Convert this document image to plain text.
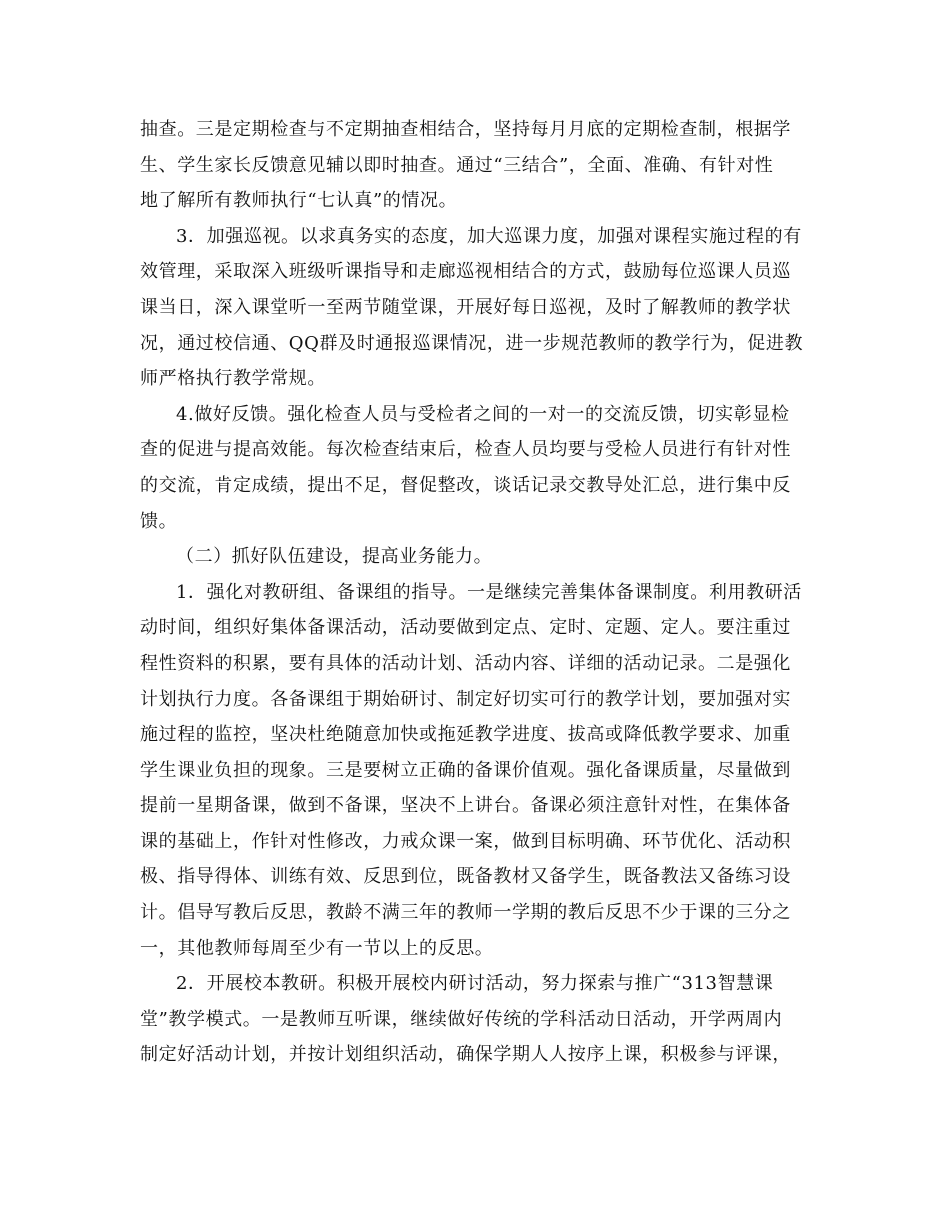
抽查。三是定期检查与不定期抽查相结合，坚持每月月底的定期检查制，根据学
生、学生家长反馈意见辅以即时抽查。通过“三结合”，全面、准确、有针对性
地了解所有教师执行“七认真”的情况。
3．加强巡视。以求真务实的态度，加大巡课力度，加强对课程实施过程的有
效管理，采取深入班级听课指导和走廊巡视相结合的方式，鼓励每位巡课人员巡
课当日，深入课堂听一至两节随堂课，开展好每日巡视，及时了解教师的教学状
况，通过校信通、QQ群及时通报巡课情况，进一步规范教师的教学行为，促进教
师严格执行教学常规。
4.做好反馈。强化检查人员与受检者之间的一对一的交流反馈，切实彰显检
查的促进与提高效能。每次检查结束后，检查人员均要与受检人员进行有针对性
的交流，肯定成绩，提出不足，督促整改，谈话记录交教导处汇总，进行集中反
馈。
（二）抓好队伍建设，提高业务能力。
1．强化对教研组、备课组的指导。一是继续完善集体备课制度。利用教研活
动时间，组织好集体备课活动，活动要做到定点、定时、定题、定人。要注重过
程性资料的积累，要有具体的活动计划、活动内容、详细的活动记录。二是强化
计划执行力度。各备课组于期始研讨、制定好切实可行的教学计划，要加强对实
施过程的监控，坚决杜绝随意加快或拖延教学进度、拔高或降低教学要求、加重
学生课业负担的现象。三是要树立正确的备课价值观。强化备课质量，尽量做到
提前一星期备课，做到不备课，坚决不上讲台。备课必须注意针对性，在集体备
课的基础上，作针对性修改，力戒众课一案，做到目标明确、环节优化、活动积
极、指导得体、训练有效、反思到位，既备教材又备学生，既备教法又备练习设
计。倡导写教后反思，教龄不满三年的教师一学期的教后反思不少于课的三分之
一，其他教师每周至少有一节以上的反思。
2．开展校本教研。积极开展校内研讨活动，努力探索与推广“313智慧课
堂”教学模式。一是教师互听课，继续做好传统的学科活动日活动，开学两周内
制定好活动计划，并按计划组织活动，确保学期人人按序上课，积极参与评课，
